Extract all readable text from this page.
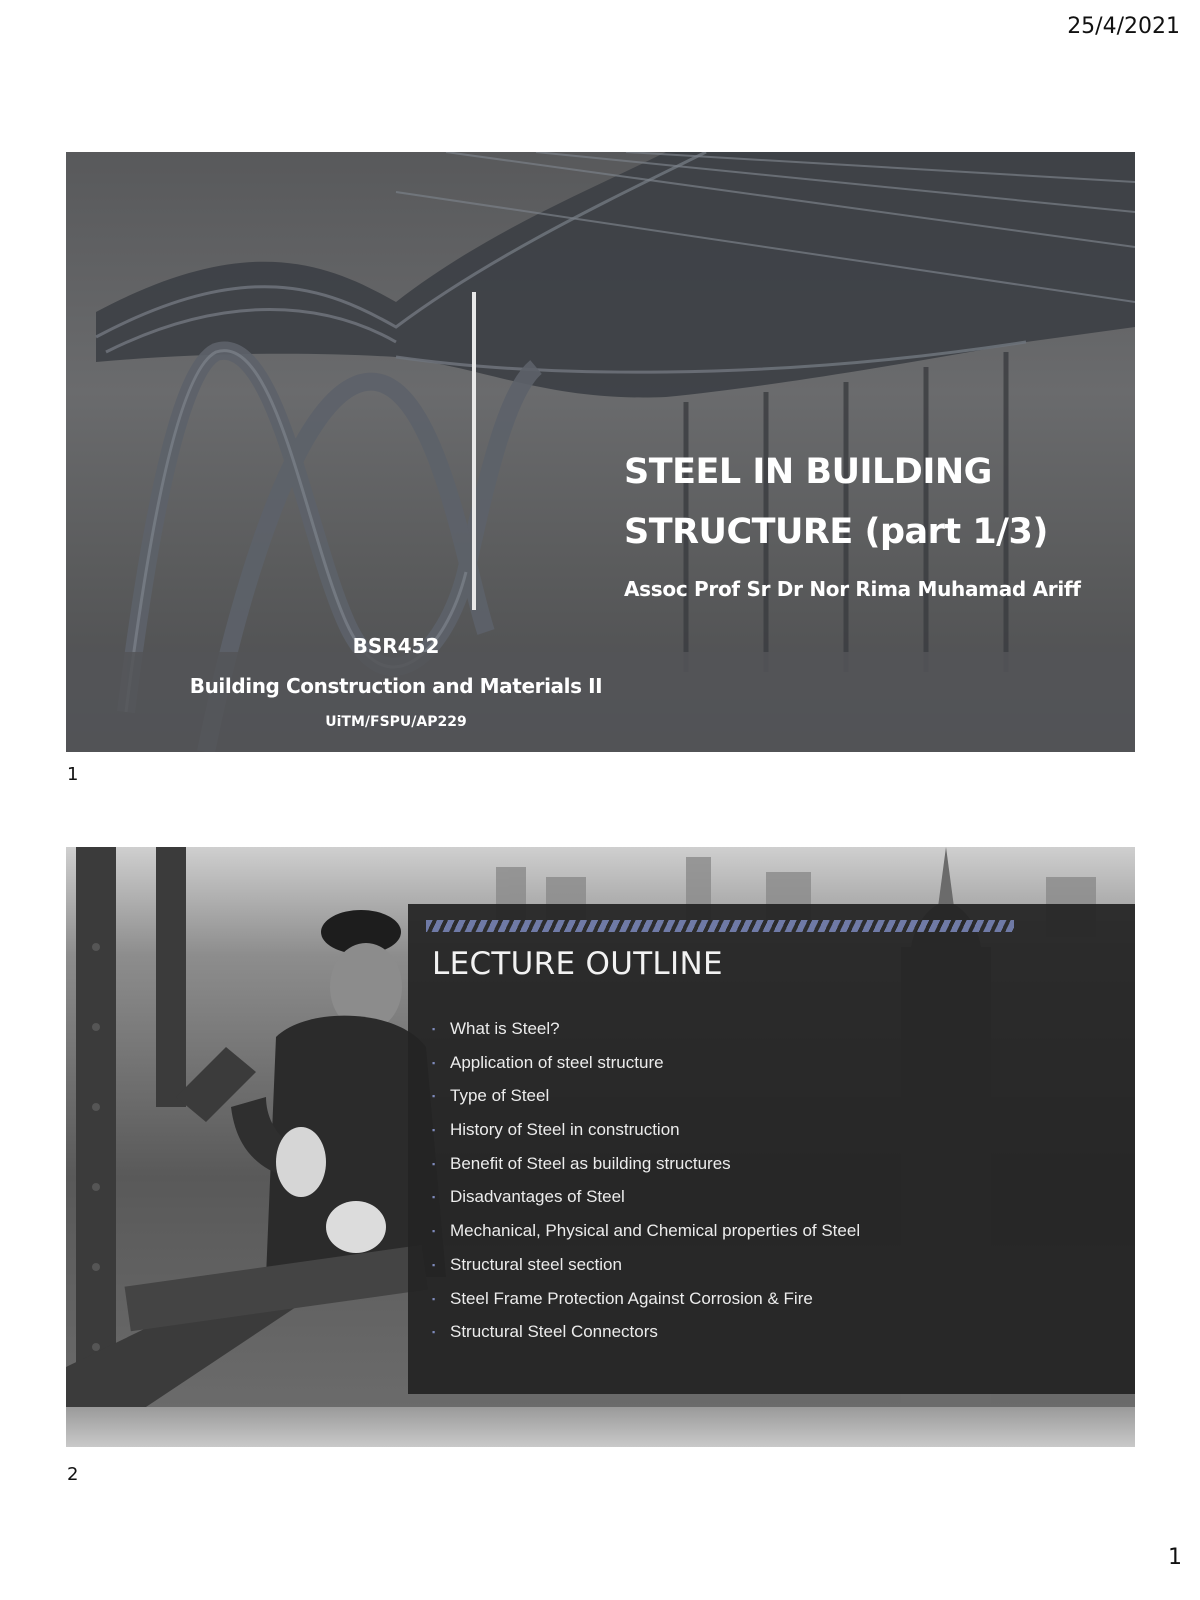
25/4/2021
STEEL IN BUILDING
STRUCTURE (part 1/3)
Assoc Prof Sr Dr Nor Rima Muhamad Ariff
BSR452
Building Construction and Materials II
UiTM/FSPU/AP229
1
LECTURE OUTLINE
▪ What is Steel?
▪ Application of steel structure
▪ Type of Steel
▪ History of Steel in construction
▪ Benefit of Steel as building structures
▪ Disadvantages of Steel
▪ Mechanical, Physical and Chemical properties of Steel
▪ Structural steel section
▪ Steel Frame Protection Against Corrosion & Fire
▪ Structural Steel Connectors
2
1
